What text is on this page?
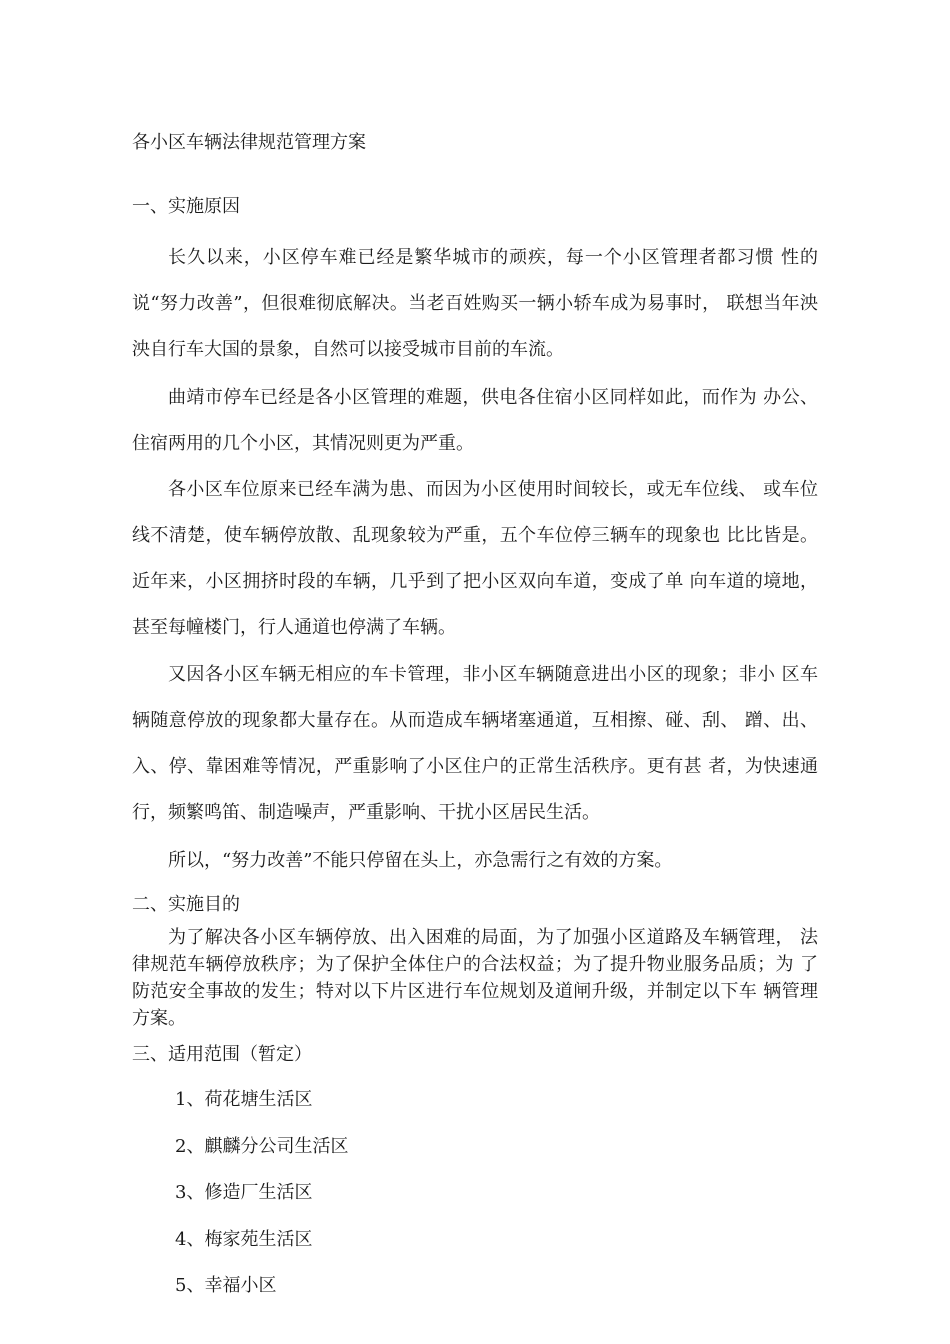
各小区车辆法律规范管理方案
一、实施原因
长久以来，小区停车难已经是繁华城市的顽疾，每一个小区管理者都习惯 性的说“努力改善”，但很难彻底解决。当老百姓购买一辆小轿车成为易事时， 联想当年泱泱自行车大国的景象，自然可以接受城市目前的车流。
曲靖市停车已经是各小区管理的难题，供电各住宿小区同样如此，而作为 办公、住宿两用的几个小区，其情况则更为严重。
各小区车位原来已经车满为患、而因为小区使用时间较长，或无车位线、 或车位线不清楚，使车辆停放散、乱现象较为严重，五个车位停三辆车的现象也 比比皆是。近年来，小区拥挤时段的车辆，几乎到了把小区双向车道，变成了单 向车道的境地，甚至每幢楼门，行人通道也停满了车辆。
又因各小区车辆无相应的车卡管理，非小区车辆随意进出小区的现象；非小 区车辆随意停放的现象都大量存在。从而造成车辆堵塞通道，互相擦、碰、刮、 蹭、出、入、停、靠困难等情况，严重影响了小区住户的正常生活秩序。更有甚 者，为快速通行，频繁鸣笛、制造噪声，严重影响、干扰小区居民生活。
所以，“努力改善”不能只停留在头上，亦急需行之有效的方案。
二、实施目的
为了解决各小区车辆停放、出入困难的局面，为了加强小区道路及车辆管理， 法律规范车辆停放秩序；为了保护全体住户的合法权益；为了提升物业服务品质；为 了防范安全事故的发生；特对以下片区进行车位规划及道闸升级，并制定以下车 辆管理方案。
三、适用范围（暂定）
1、荷花塘生活区
2、麒麟分公司生活区
3、修造厂生活区
4、梅家苑生活区
5、幸福小区
